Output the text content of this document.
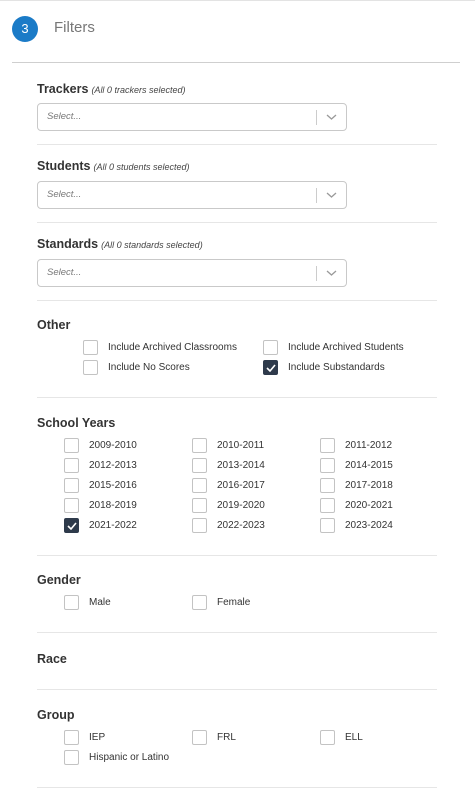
3	Filters
Trackers (All 0 trackers selected)
Select...
Students (All 0 students selected)
Select...
Standards (All 0 standards selected)
Select...
Other
Include Archived Classrooms	Include Archived Students
Include No Scores	Include Substandards
School Years
2009-2010	2010-2011	2011-2012
2012-2013	2013-2014	2014-2015
2015-2016	2016-2017	2017-2018
2018-2019	2019-2020	2020-2021
2021-2022	2022-2023	2023-2024
Gender
Male	Female
Race
Group
IEP	FRL	ELL
Hispanic or Latino
